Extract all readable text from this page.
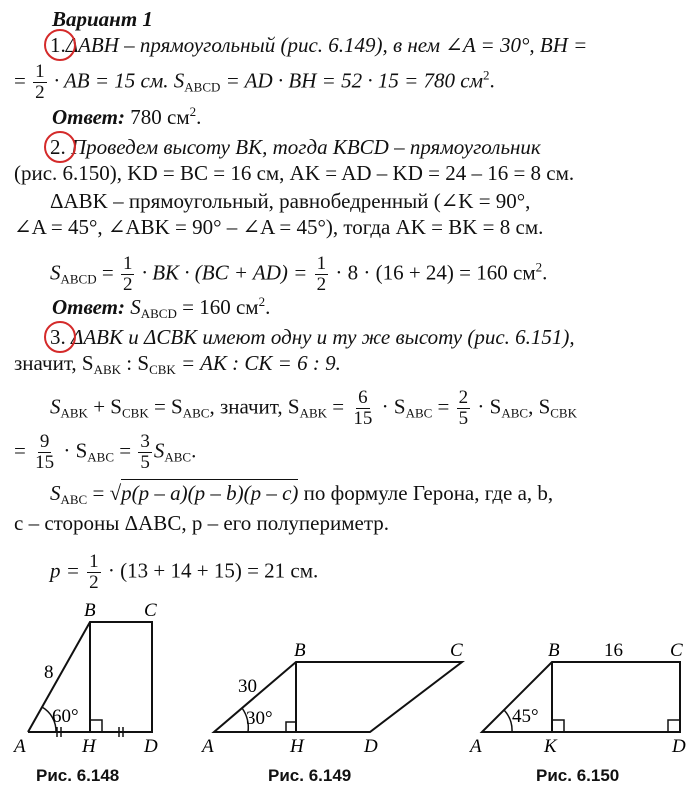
Вариант 1
1.ΔABH – прямоугольный (рис. 6.149), в нем ∠A = 30°, BH =
= $\frac{1}{2}$ · AB = 15 см. $S_{ABCD}$ = AD · BH = 52 · 15 = 780 $см^2$.
Ответ: 780 $см^2$.
2. Проведем высоту BK, тогда KBCD – прямоугольник
(рис. 6.150), KD = BC = 16 см, AK = AD – KD = 24 – 16 = 8 см.
ΔABK – прямоугольный, равнобедренный (∠K = 90°,
∠A = 45°, ∠ABK = 90° – ∠A = 45°), тогда AK = BK = 8 см.
$S_{ABCD} = \frac{1}{2}$ · BK · $(BC + AD) = \frac{1}{2} \cdot 8 \cdot (16 + 24) = 160$ $см^2$.
Ответ: $S_{ABCD} = 160$ $см^2$.
3. ΔABK и ΔCBK имеют одну и ту же высоту (рис. 6.151),
значит, $S_{ABK}$ : $S_{CBK}$ = AK : CK = 6 : 9.
$S_{ABK} + S_{CBK} = S_{ABC}$, значит, $S_{ABK} = \frac{6}{15} \cdot S_{ABC} = \frac{2}{5} \cdot S_{ABC}$, $S_{CBK}$
= $\frac{9}{15} \cdot S_{ABC} = \frac{3}{5} S_{ABC}$.
$S_{ABC} = √p(p - a)(p - b)(p - c)$ по формуле Герона, где a, b,
c – стороны ΔABC, p – его полупериметр.
$p = \frac{1}{2} \cdot (13 + 14 + 15) = 21$ см.
B	C
A	H	D
8
60°
Рис. 6.148
B	C
A	H	D
30
30°
Рис. 6.149
B	C
A	K	D
16
45°
Рис. 6.150
